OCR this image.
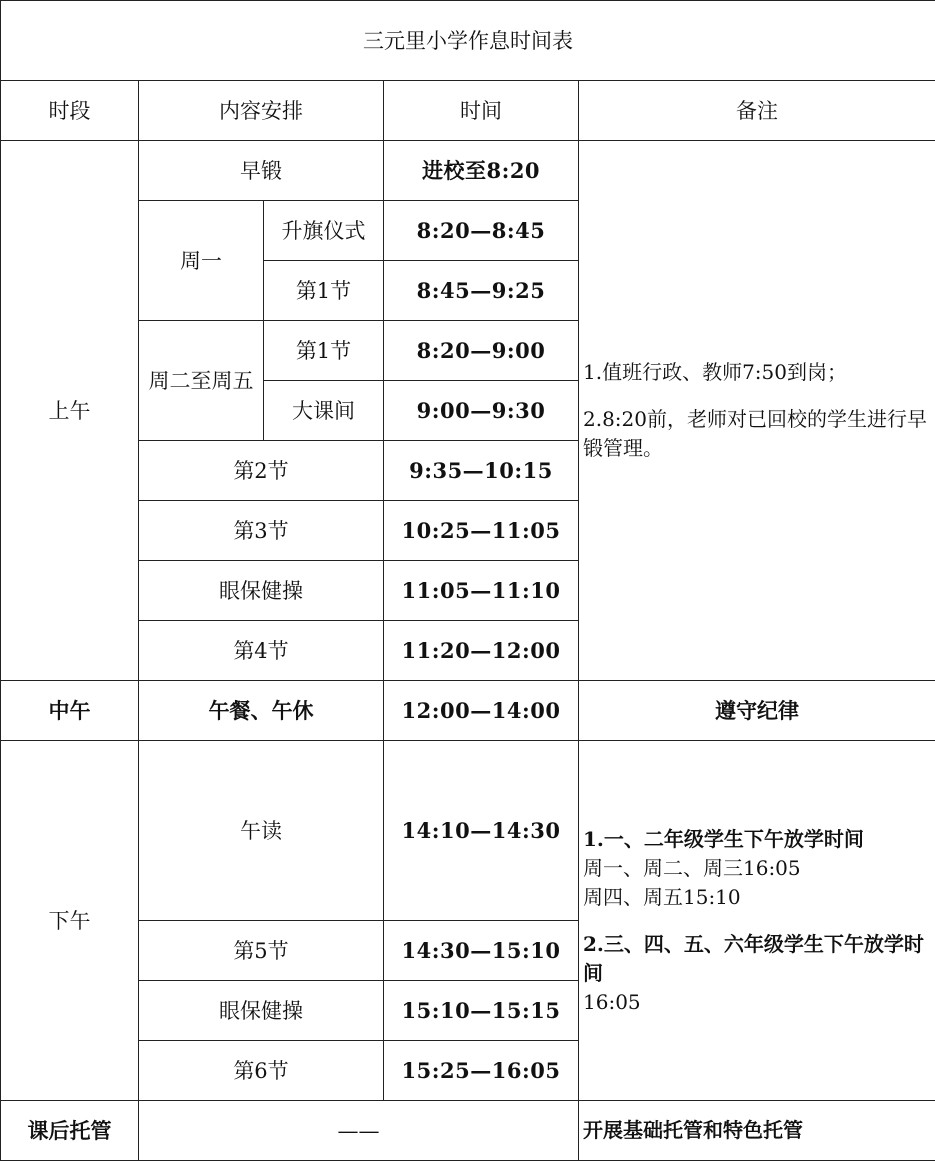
三元里小学作息时间表				
时段	内容安排		时间	备注
上午	早锻		进校至8:20	1.值班行政、教师7:50到岗；

2.8:20前，老师对已回校的学生进行早锻管理。

	周一	升旗仪式	8:20—8:45	
		第1节	8:45—9:25	
	周二至周五	第1节	8:20—9:00	
		大课间	9:00—9:30	
	第2节		9:35—10:15	
	第3节		10:25—11:05	
	眼保健操		11:05—11:10	
	第4节		11:20—12:00	
中午	午餐、午休		12:00—14:00	遵守纪律
下午	午读		14:10—14:30	1.一、二年级学生下午放学时间

周一、周二、周三16:05

周四、周五15:10

2.三、四、五、六年级学生下午放学时间

16:05

	第5节		14:30—15:10	
	眼保健操		15:10—15:15	
	第6节		15:25—16:05	
课后托管	——			开展基础托管和特色托管
